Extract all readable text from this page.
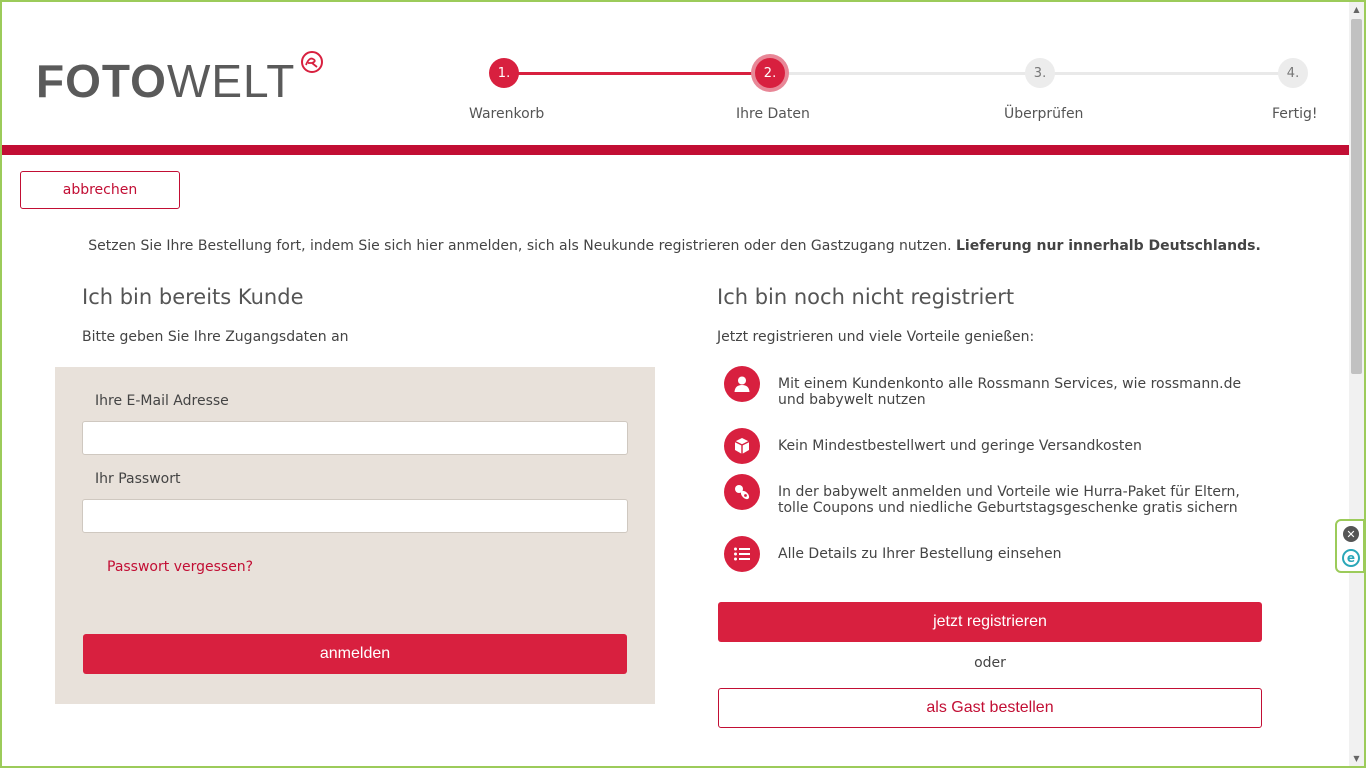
FOTOWELT	1.	2.	3.	4.
Warenkorb	Ihre Daten	Überprüfen	Fertig!
abbrechen
Setzen Sie Ihre Bestellung fort, indem Sie sich hier anmelden, sich als Neukunde registrieren oder den Gastzugang nutzen. Lieferung nur innerhalb Deutschlands.
Ich bin bereits Kunde
Bitte geben Sie Ihre Zugangsdaten an
Ihre E-Mail Adresse
Ihr Passwort
Passwort vergessen?
anmelden
Ich bin noch nicht registriert
Jetzt registrieren und viele Vorteile genießen:
Mit einem Kundenkonto alle Rossmann Services, wie rossmann.de und babywelt nutzen
Kein Mindestbestellwert und geringe Versandkosten
In der babywelt anmelden und Vorteile wie Hurra-Paket für Eltern, tolle Coupons und niedliche Geburtstagsgeschenke gratis sichern
Alle Details zu Ihrer Bestellung einsehen
jetzt registrieren
oder
als Gast bestellen
▲
▼
✕
e
